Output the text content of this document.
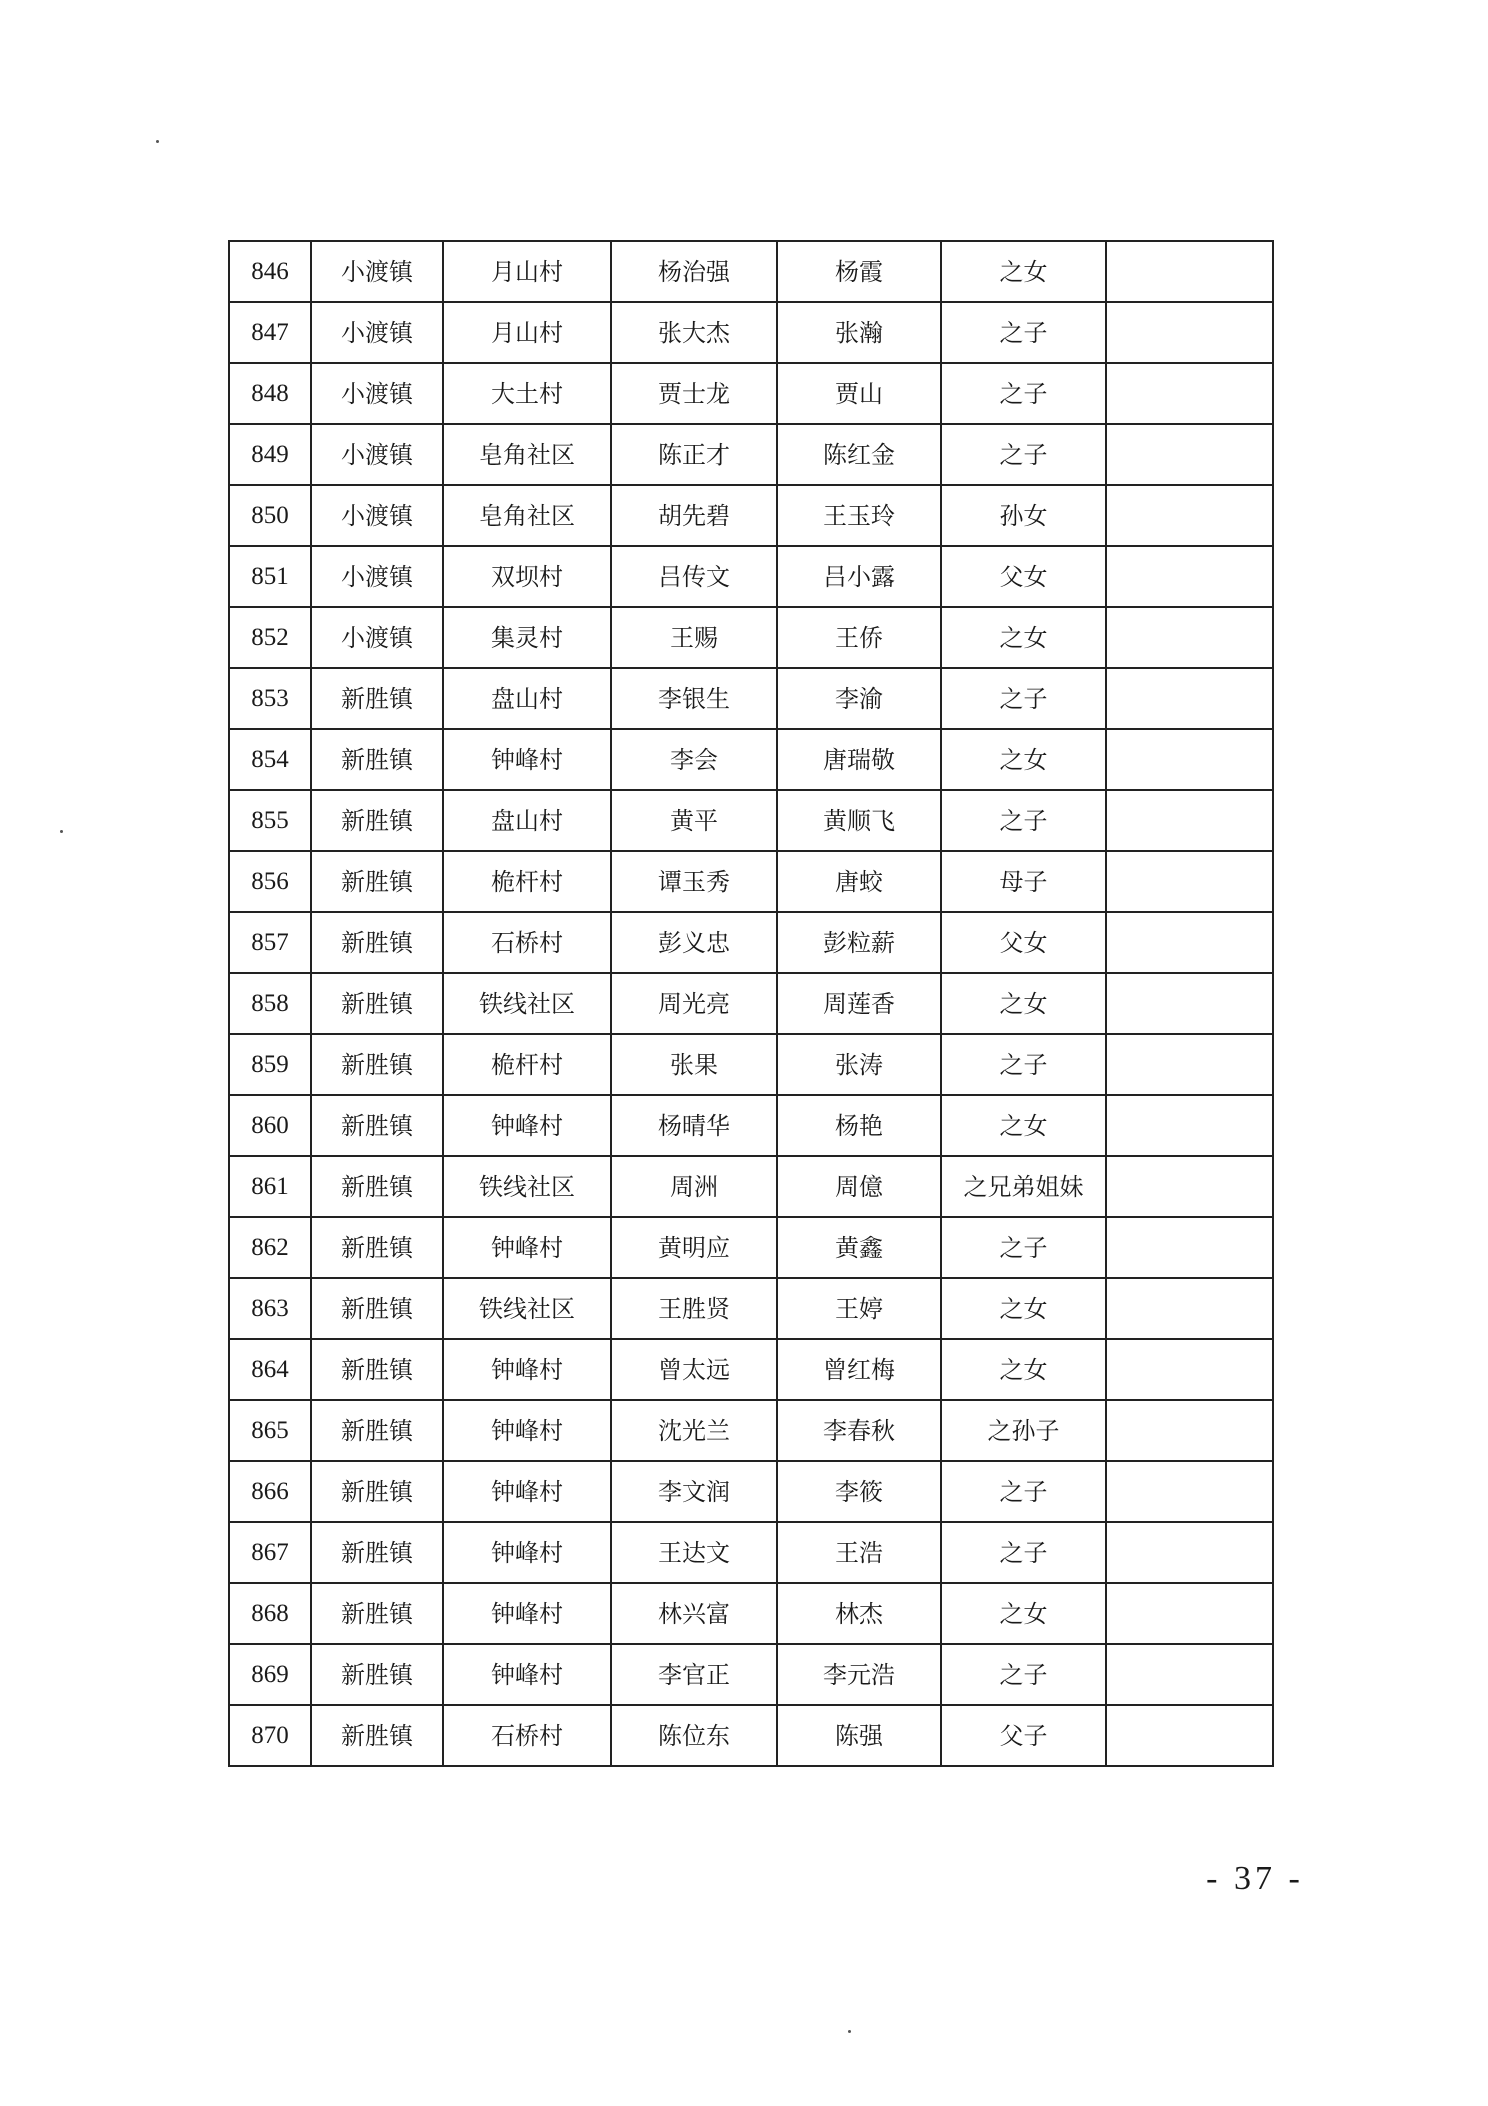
846	小渡镇	月山村	杨治强	杨霞	之女	
847	小渡镇	月山村	张大杰	张瀚	之子	
848	小渡镇	大土村	贾士龙	贾山	之子	
849	小渡镇	皂角社区	陈正才	陈红金	之子	
850	小渡镇	皂角社区	胡先碧	王玉玲	孙女	
851	小渡镇	双坝村	吕传文	吕小露	父女	
852	小渡镇	集灵村	王赐	王侨	之女	
853	新胜镇	盘山村	李银生	李渝	之子	
854	新胜镇	钟峰村	李会	唐瑞敬	之女	
855	新胜镇	盘山村	黄平	黄顺飞	之子	
856	新胜镇	桅杆村	谭玉秀	唐蛟	母子	
857	新胜镇	石桥村	彭义忠	彭粒薪	父女	
858	新胜镇	铁线社区	周光亮	周莲香	之女	
859	新胜镇	桅杆村	张果	张涛	之子	
860	新胜镇	钟峰村	杨晴华	杨艳	之女	
861	新胜镇	铁线社区	周洲	周億	之兄弟姐妹	
862	新胜镇	钟峰村	黄明应	黄鑫	之子	
863	新胜镇	铁线社区	王胜贤	王婷	之女	
864	新胜镇	钟峰村	曾太远	曾红梅	之女	
865	新胜镇	钟峰村	沈光兰	李春秋	之孙子	
866	新胜镇	钟峰村	李文润	李筱	之子	
867	新胜镇	钟峰村	王达文	王浩	之子	
868	新胜镇	钟峰村	林兴富	林杰	之女	
869	新胜镇	钟峰村	李官正	李元浩	之子	
870	新胜镇	石桥村	陈位东	陈强	父子	
- 37 -
